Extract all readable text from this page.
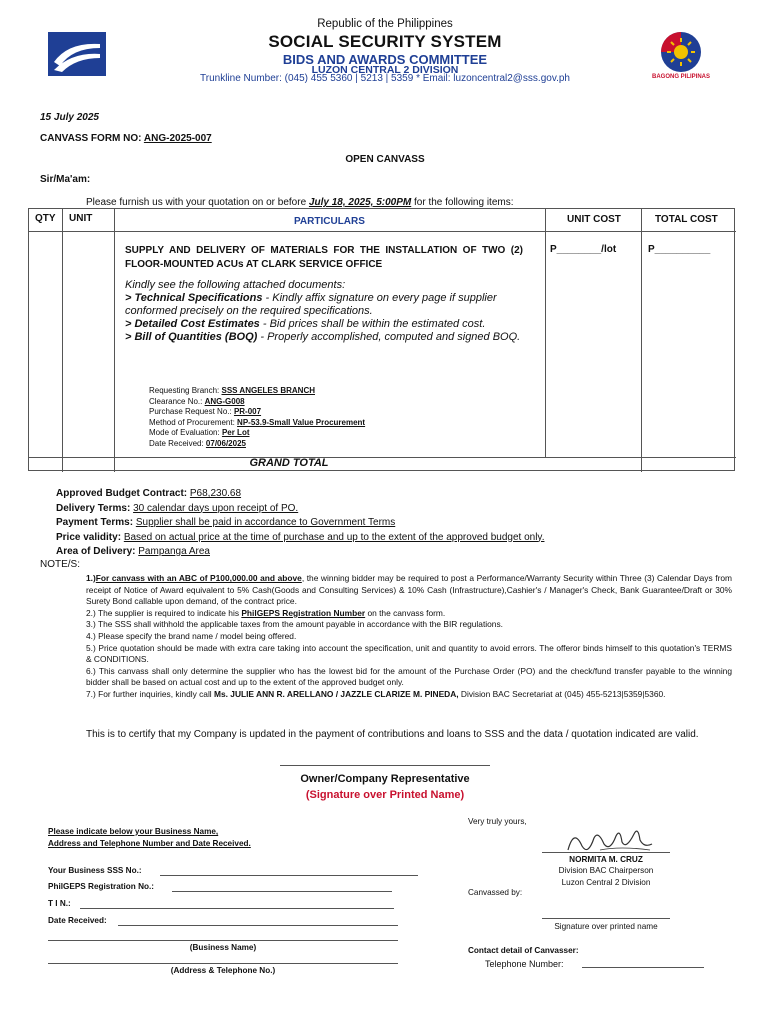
Republic of the Philippines
SOCIAL SECURITY SYSTEM
BIDS AND AWARDS COMMITTEE
LUZON CENTRAL 2 DIVISION
Trunkline Number: (045) 455 5360 | 5213 | 5359 * Email: luzoncentral2@sss.gov.ph	BAGONG PILIPINAS
15 July 2025
CANVASS FORM NO: ANG-2025-007
OPEN CANVASS
Sir/Ma'am:
Please furnish us with your quotation on or before July 18, 2025, 5:00PM for the following items:
QTY UNIT	PARTICULARS	UNIT COST	TOTAL COST
SUPPLY AND DELIVERY OF MATERIALS FOR THE INSTALLATION OF TWO (2) FLOOR-MOUNTED ACUs AT CLARK SERVICE OFFICE
P________/lot	P__________
Kindly see the following attached documents:
> Technical Specifications - Kindly affix signature on every page if supplier conformed precisely on the required specifications.
> Detailed Cost Estimates - Bid prices shall be within the estimated cost.
> Bill of Quantities (BOQ) - Properly accomplished, computed and signed BOQ.
Requesting Branch: SSS ANGELES BRANCH
Clearance No.: ANG-G008
Purchase Request No.: PR-007
Method of Procurement: NP-53.9-Small Value Procurement
Mode of Evaluation: Per Lot
Date Received: 07/06/2025
GRAND TOTAL
Approved Budget Contract: P68,230.68
Delivery Terms: 30 calendar days upon receipt of PO.
Payment Terms: Supplier shall be paid in accordance to Government Terms
Price validity: Based on actual price at the time of purchase and up to the extent of the approved budget only.
Area of Delivery: Pampanga Area
NOTE/S:
1.)For canvass with an ABC of P100,000.00 and above, the winning bidder may be required to post a Performance/Warranty Security within Three (3) Calendar Days from receipt of Notice of Award equivalent to 5% Cash(Goods and Consulting Services) & 10% Cash (Infrastructure),Cashier's / Manager's Check, Bank Guarantee/Draft or 30% Surety Bond callable upon demand, of the contract price.
2.) The supplier is required to indicate his PhilGEPS Registration Number on the canvass form.
3.) The SSS shall withhold the applicable taxes from the amount payable in accordance with the BIR regulations.
4.) Please specify the brand name / model being offered.
5.) Price quotation should be made with extra care taking into account the specification, unit and quantity to avoid errors. The offeror binds himself to this quotation's TERMS & CONDITIONS.
6.) This canvass shall only determine the supplier who has the lowest bid for the amount of the Purchase Order (PO) and the check/fund transfer payable to the winning bidder shall be based on actual cost and up to the extent of the approved budget only.
7.) For further inquiries, kindly call Ms. JULIE ANN R. ARELLANO / JAZZLE CLARIZE M. PINEDA, Division BAC Secretariat at (045) 455-5213|5359|5360.
This is to certify that my Company is updated in the payment of contributions and loans to SSS and the data / quotation indicated are valid.
Owner/Company Representative
(Signature over Printed Name)
Please indicate below your Business Name,
Address and Telephone Number and Date Received.
Your Business SSS No.:
PhilGEPS Registration No.:
T I N.:
Date Received:
(Business Name)
(Address & Telephone No.)
Very truly yours,
NORMITA M. CRUZ
Division BAC Chairperson
Luzon Central 2 Division
Canvassed by:
Signature over printed name
Contact detail of Canvasser:
Telephone Number:
